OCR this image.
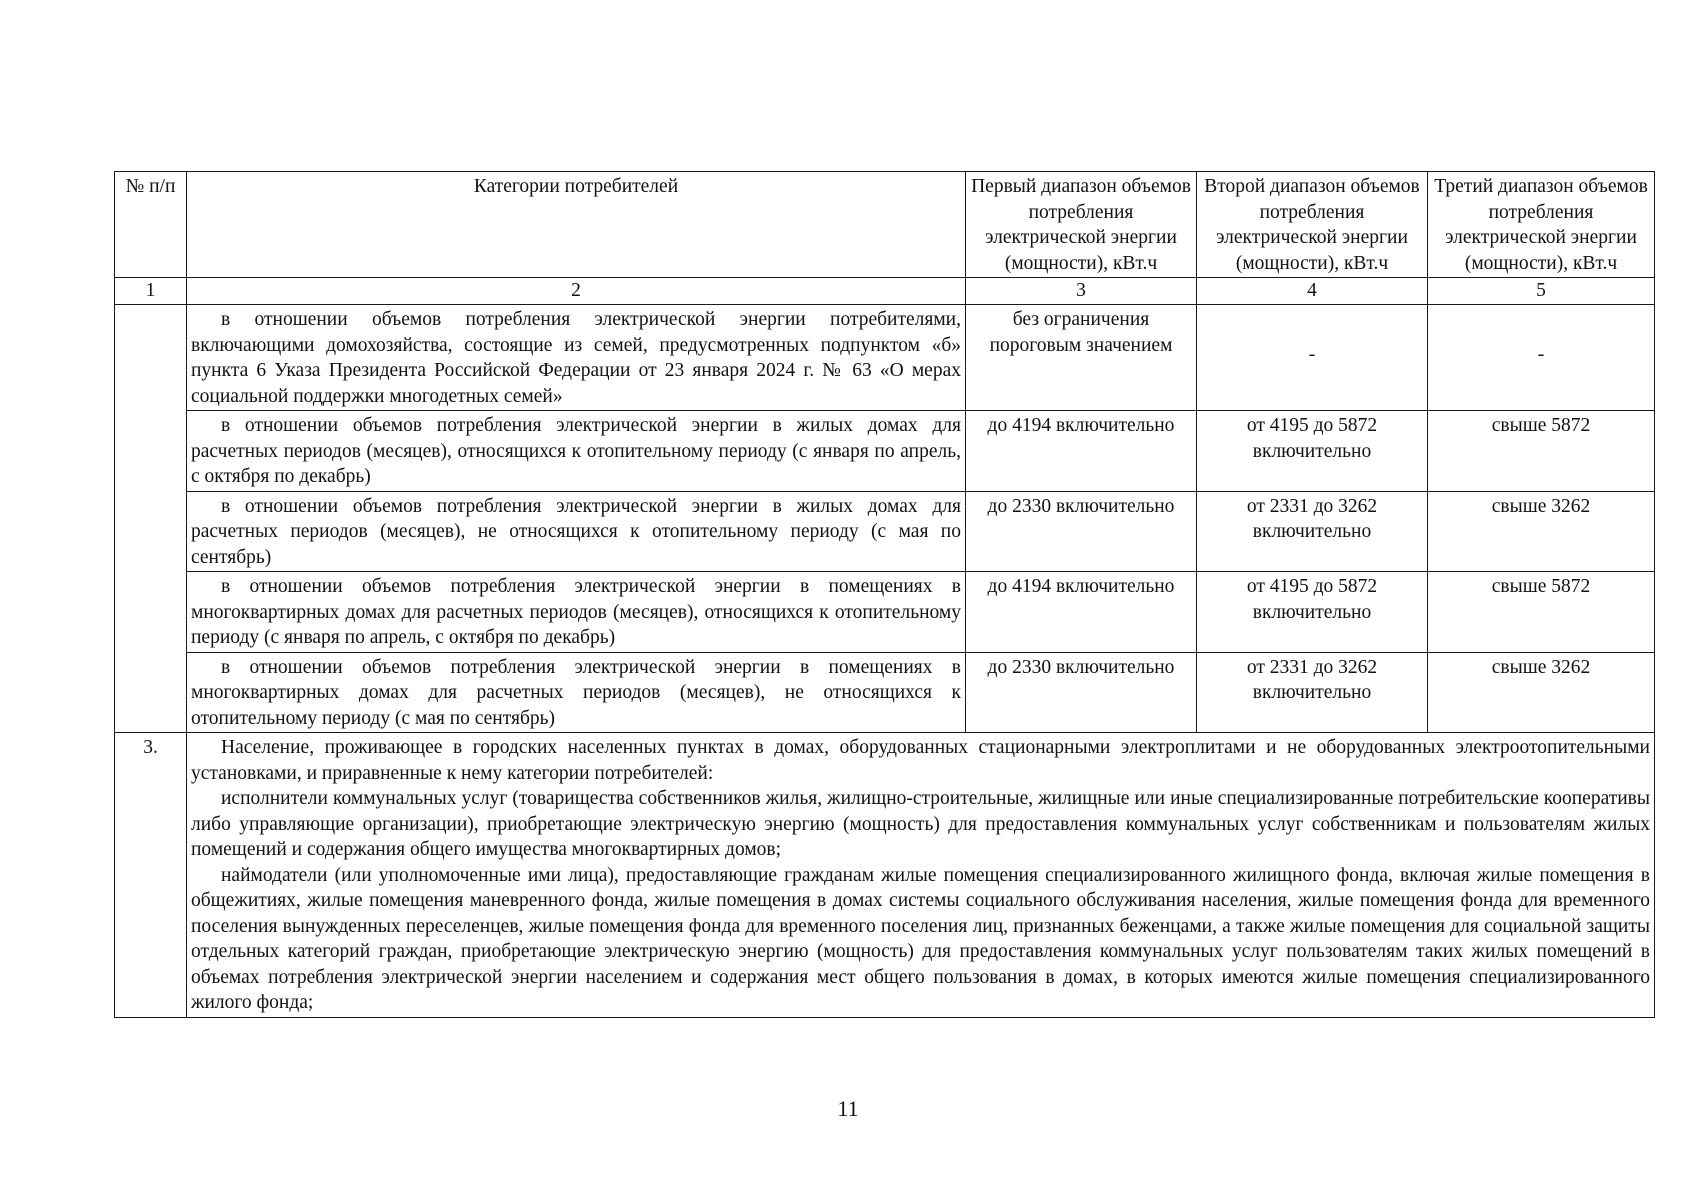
№ п/п	Категории потребителей	Первый диапазон объемов потребления электрической энергии (мощности), кВт.ч	Второй диапазон объемов потребления электрической энергии (мощности), кВт.ч	Третий диапазон объемов потребления электрической энергии (мощности), кВт.ч
1	2	3	4	5

	в отношении объемов потребления электрической энергии потребителями, включающими домохозяйства, состоящие из семей, предусмотренных подпунктом «б» пункта 6 Указа Президента Российской Федерации от 23 января 2024 г. № 63 «О мерах социальной поддержки многодетных семей»	без ограничения пороговым значением	-	-

	в отношении объемов потребления электрической энергии в жилых домах для расчетных периодов (месяцев), относящихся к отопительному периоду (с января по апрель, с октября по декабрь)	до 4194 включительно	от 4195 до 5872 включительно	свыше 5872

	в отношении объемов потребления электрической энергии в жилых домах для расчетных периодов (месяцев), не относящихся к отопительному периоду (с мая по сентябрь)	до 2330 включительно	от 2331 до 3262 включительно	свыше 3262

	в отношении объемов потребления электрической энергии в помещениях в многоквартирных домах для расчетных периодов (месяцев), относящихся к отопительному периоду (с января по апрель, с октября по декабрь)	до 4194 включительно	от 4195 до 5872 включительно	свыше 5872

	в отношении объемов потребления электрической энергии в помещениях в многоквартирных домах для расчетных периодов (месяцев), не относящихся к отопительному периоду (с мая по сентябрь)	до 2330 включительно	от 2331 до 3262 включительно	свыше 3262
3.	Население, проживающее в городских населенных пунктах в домах, оборудованных стационарными электроплитами и не оборудованных электроотопительными установками, и приравненные к нему категории потребителей:

исполнители коммунальных услуг (товарищества собственников жилья, жилищно-строительные, жилищные или иные специализированные потребительские кооперативы либо управляющие организации), приобретающие электрическую энергию (мощность) для предоставления коммунальных услуг собственникам и пользователям жилых помещений и содержания общего имущества многоквартирных домов;

наймодатели (или уполномоченные ими лица), предоставляющие гражданам жилые помещения специализированного жилищного фонда, включая жилые помещения в общежитиях, жилые помещения маневренного фонда, жилые помещения в домах системы социального обслуживания населения, жилые помещения фонда для временного поселения вынужденных переселенцев, жилые помещения фонда для временного поселения лиц, признанных беженцами, а также жилые помещения для социальной защиты отдельных категорий граждан, приобретающие электрическую энергию (мощность) для предоставления коммунальных услуг пользователям таких жилых помещений в объемах потребления электрической энергии населением и содержания мест общего пользования в домах, в которых имеются жилые помещения специализированного жилого фонда;			

11
